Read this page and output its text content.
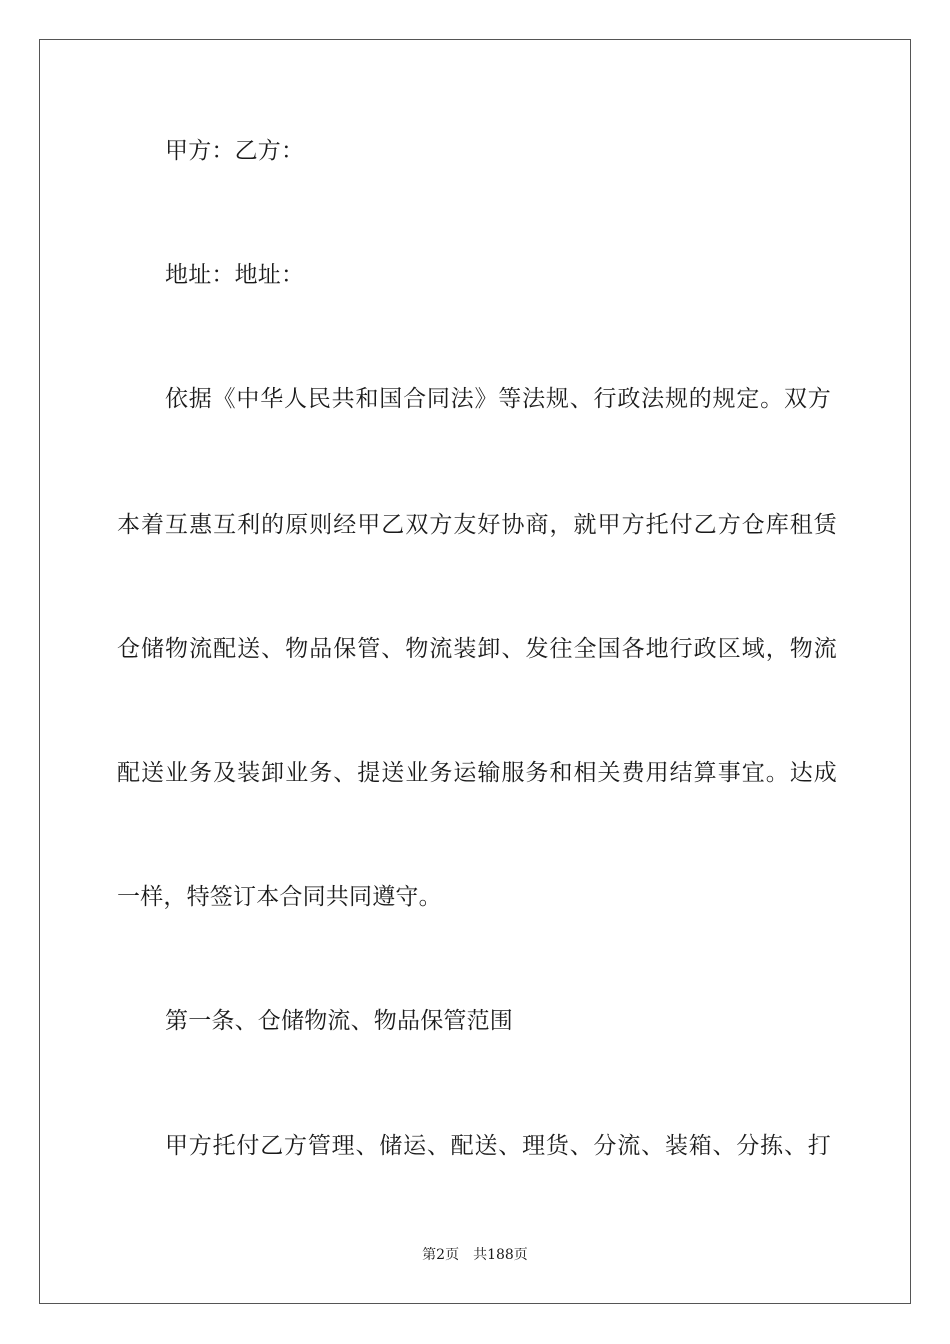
甲方：乙方：
地址：地址：
依据《中华人民共和国合同法》等法规、行政法规的规定。双方
本着互惠互利的原则经甲乙双方友好协商，就甲方托付乙方仓库租赁
仓储物流配送、物品保管、物流装卸、发往全国各地行政区域，物流
配送业务及装卸业务、提送业务运输服务和相关费用结算事宜。达成
一样，特签订本合同共同遵守。
第一条、仓储物流、物品保管范围
甲方托付乙方管理、储运、配送、理货、分流、装箱、分拣、打
第2页　共188页
